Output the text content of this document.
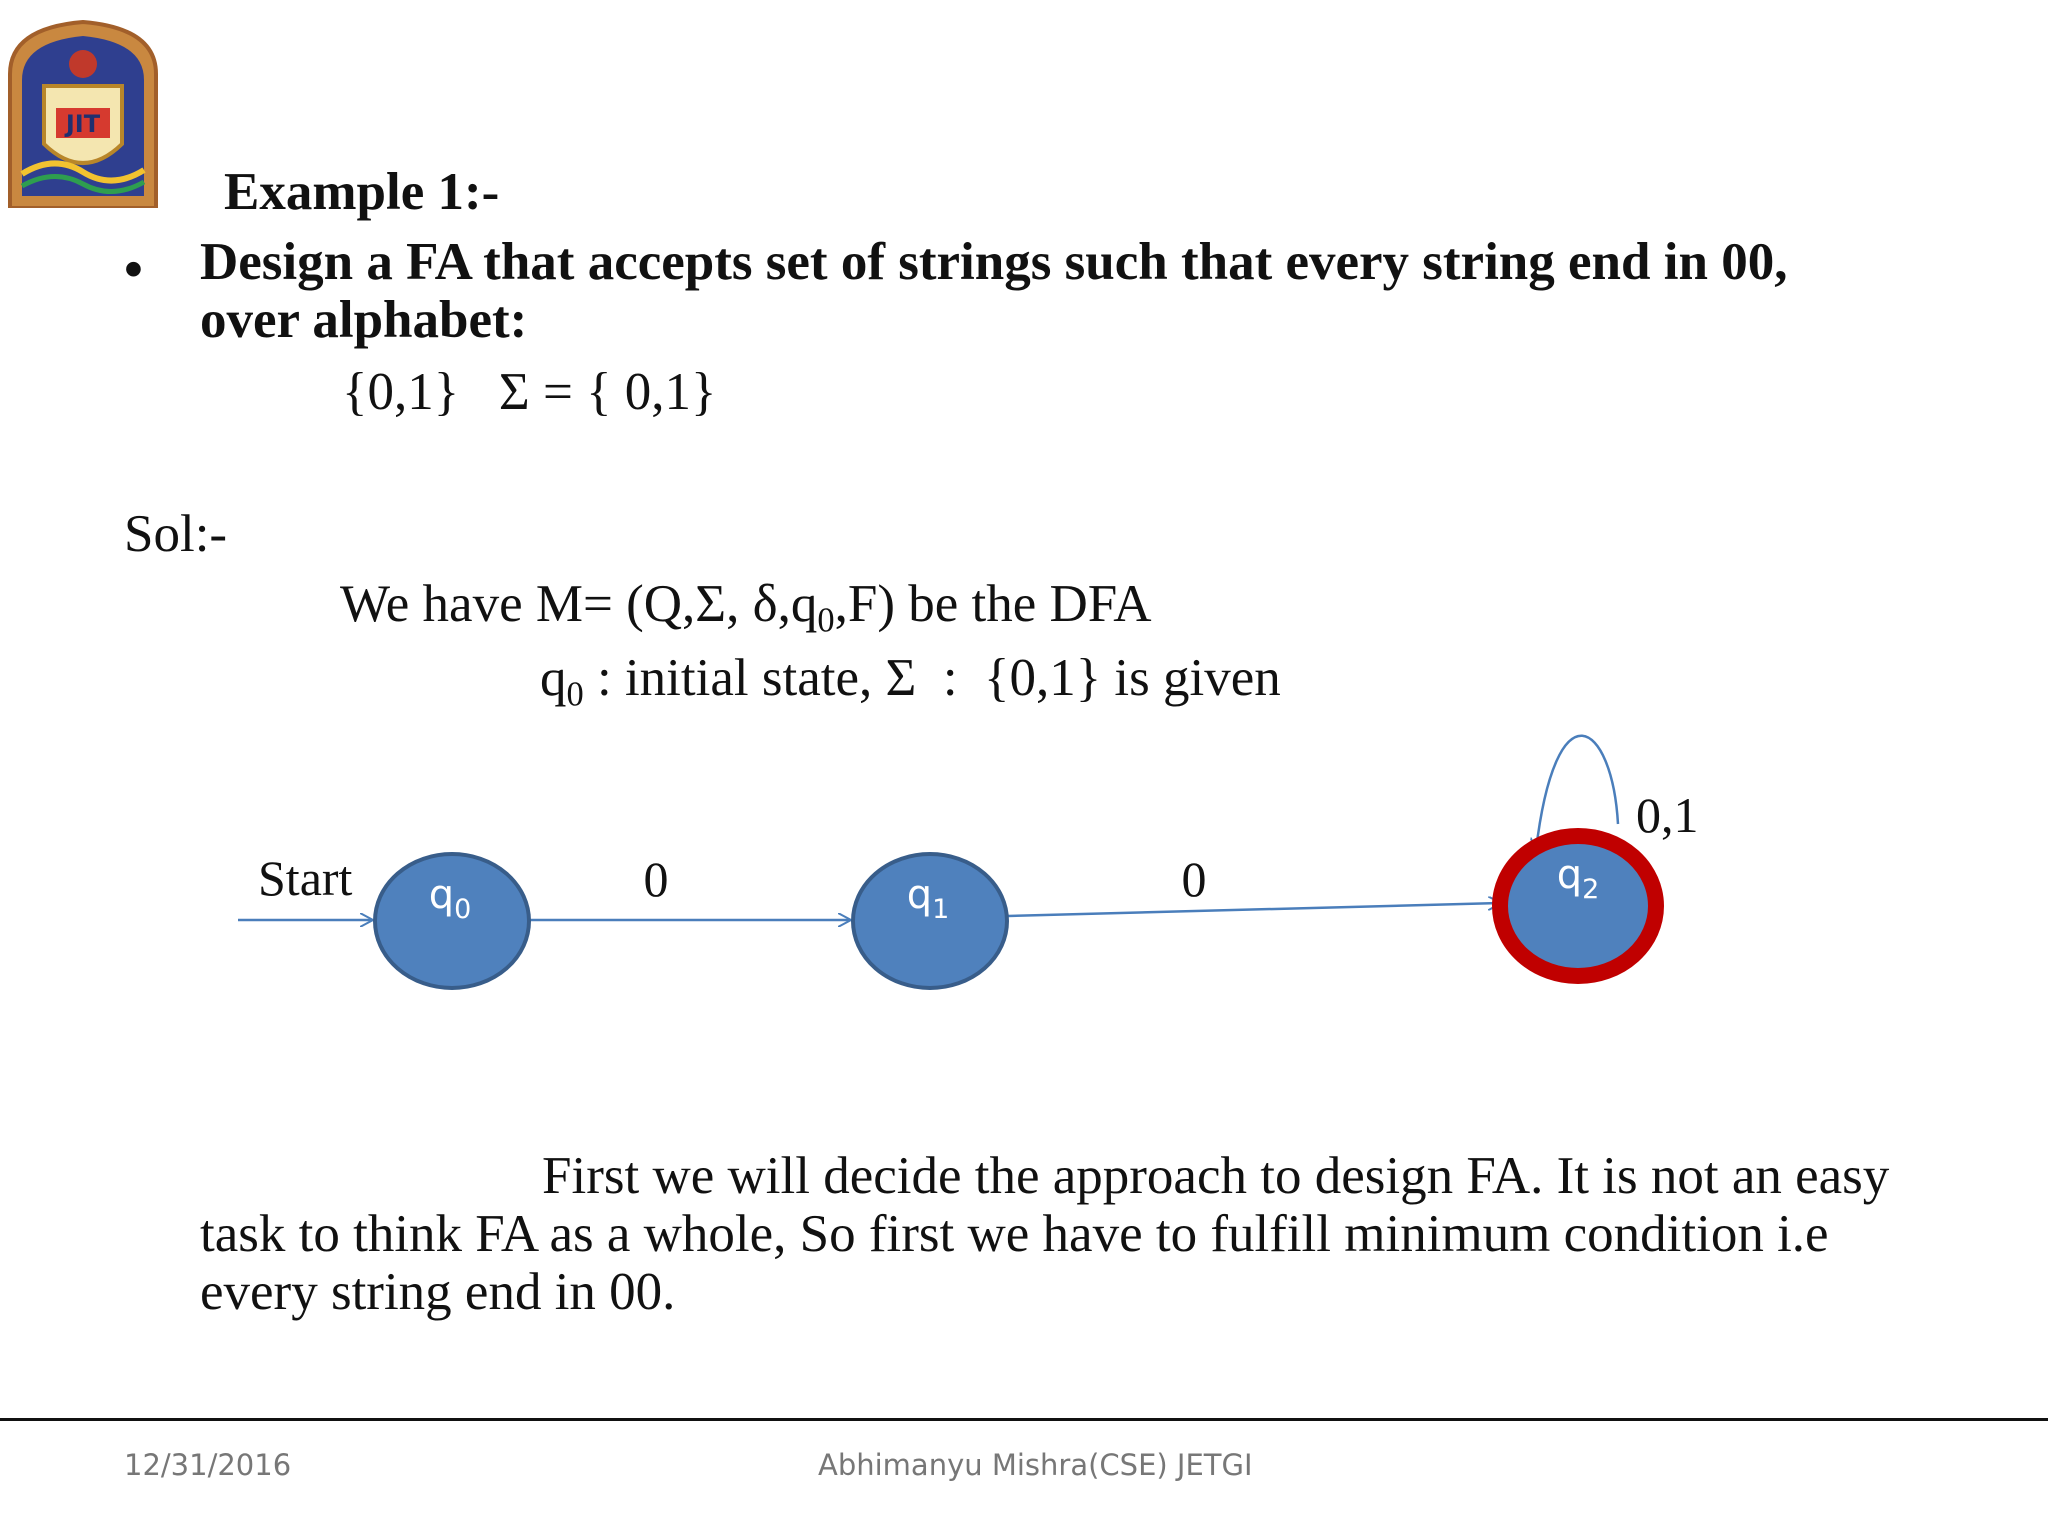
JIT
Example 1:-
• Design a FA that accepts set of strings such that every string end in 00,
over alphabet:
{0,1}   Σ = { 0,1}
Sol:-
We have M= (Q,Σ, $\delta,q_0,F$) be the DFA
$q_0$ : initial state, Σ  :  {0,1} is given
Start	0	0
0,1
$q_0$	$q_1$
$q_2$
First we will decide the approach to design FA. It is not an easy
task to think FA as a whole, So first we have to fulfill minimum condition i.e
every string end in 00.
12/31/2016	Abhimanyu Mishra(CSE) JETGI
